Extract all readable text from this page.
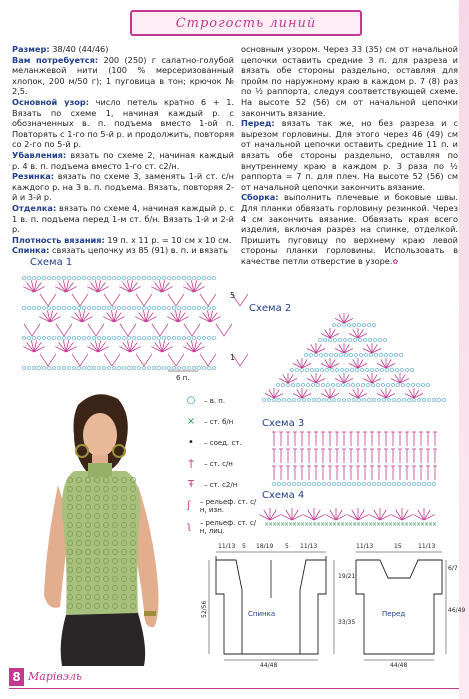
Строгость линий

Размер: 38/40 (44/46)

Вам потребуется: 200 (250) г салатно-голубой меланжевой нити (100 % мерсеризованный хлопок, 200 м/50 г); 1 пуговица в тон; крючок № 2,5.

Основной узор: число петель кратно 6 + 1. Вязать по схеме 1, начиная каждый р. с обозначенных в. п. подъема вместо 1-ой п. Повторять с 1-го по 5-й р. и продолжить, повторяя со 2-го по 5-й р.

Убавления: вязать по схеме 2, начиная каждый р. 4 в. п. подъема вместо 1-го ст. с2/н.

Резинка: вязать по схеме 3, заменять 1-й ст. с/н каждого р. на 3 в. п. подъема. Вязать, повторяя 2-й и 3-й р.

Отделка: вязать по схеме 4, начиная каждый р. с 1 в. п. подъема перед 1-м ст. б/н. Вязать 1-й и 2-й р.

Плотность вязания: 19 п. х 11 р. = 10 см х 10 см.

Спинка: связать цепочку из 85 (91) в. п. и вязать

основным узором. Через 33 (35) см от начальной цепочки оставить средние 3 п. для разреза и вязать обе стороны раздельно, оставляя для пройм по наружному краю в каждом р. 7 (8) раз по ½ раппорта, следуя соответствующей схеме. На высоте 52 (56) см от начальной цепочки закончить вязание.

Перед: вязать так же, но без разреза и с вырезом горловины. Для этого через 46 (49) см от начальной цепочки оставить средние 11 п. и вязать обе стороны раздельно, оставляя по внутреннему краю в каждом р. 3 раза по ½ раппорта = 7 п. для плеч. На высоте 52 (56) см от начальной цепочки закончить вязание.

Сборка: выполнить плечевые и боковые швы. Для планки обвязать горловину резинкой. Через 4 см закончить вязание. Обвязать края всего изделия, включая разрез на спинке, отделкой. Пришить пуговицу по верхнему краю левой стороны планки горловины. Использовать в качестве петли отверстие в узоре.✿

Схема 1
Схема 2
Схема 3
Схема 4
5
1
6 п.
×
×
×
×
×
×
×
×
×
×
×
×
×
×
×
×
×
×
×
×
×
×
×
×
×
×
×
×
×
×
×
×
×
×
×
×
×
×
×
×
×
×
×
○	– в. п.
×	– ст. б/н
•	– соед. ст.
ϯ	– ст. с/н
Ŧ	– ст. с2/н
ʃ	– рельеф. ст. с/н, изн.
ʅ	– рельеф. ст. с/н, лиц.
11/13 5 18/19 5 11/13
19/21
33/35
52/56	Спинка
44/48
11/13	15	11/13
6/7
46/49
Перед
44/48
8 Марiвэль
